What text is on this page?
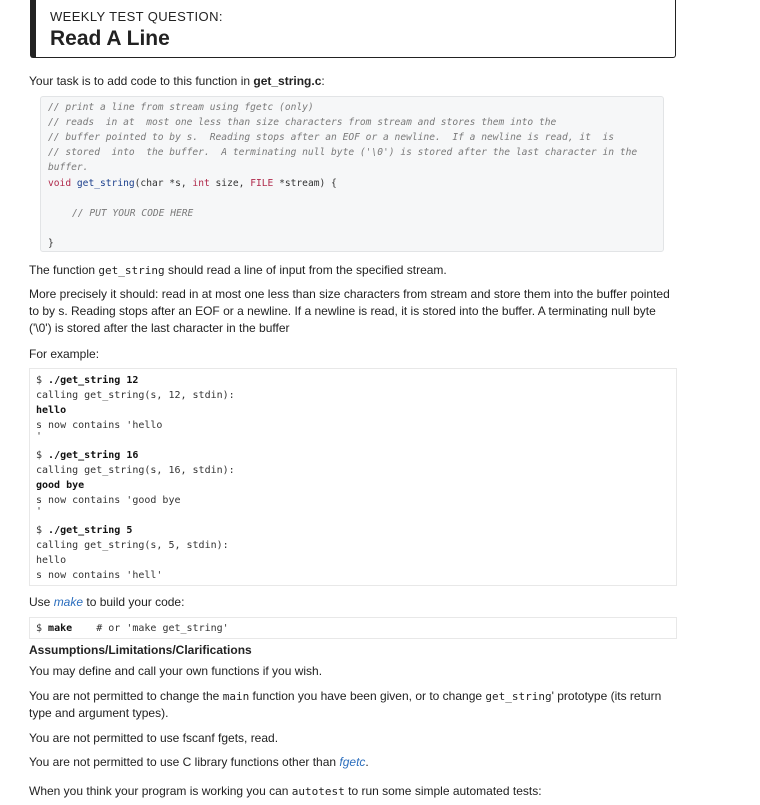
WEEKLY TEST QUESTION:
Read A Line
Your task is to add code to this function in get_string.c:
// print a line from stream using fgetc (only)
// reads  in at  most one less than size characters from stream and stores them into the
// buffer pointed to by s.  Reading stops after an EOF or a newline.  If a newline is read, it  is
// stored  into  the buffer.  A terminating null byte ('\0') is stored after the last character in the
buffer.
void get_string(char *s, int size, FILE *stream) {
// PUT YOUR CODE HERE
}
The function get_string should read a line of input from the specified stream.
More precisely it should: read in at most one less than size characters from stream and store them into the buffer pointed
to by s. Reading stops after an EOF or a newline. If a newline is read, it is stored into the buffer. A terminating null byte
('\0') is stored after the last character in the buffer
For example:
$ ./get_string 12
calling get_string(s, 12, stdin):
hello
s now contains 'hello
'
$ ./get_string 16
calling get_string(s, 16, stdin):
good bye
s now contains 'good bye
'
$ ./get_string 5
calling get_string(s, 5, stdin):
hello
s now contains 'hell'
Use make to build your code:
$ make    # or 'make get_string'
Assumptions/Limitations/Clarifications
You may define and call your own functions if you wish.
You are not permitted to change the main function you have been given, or to change get_string' prototype (its return
type and argument types).
You are not permitted to use fscanf fgets, read.
You are not permitted to use C library functions other than fgetc.
When you think your program is working you can autotest to run some simple automated tests:
